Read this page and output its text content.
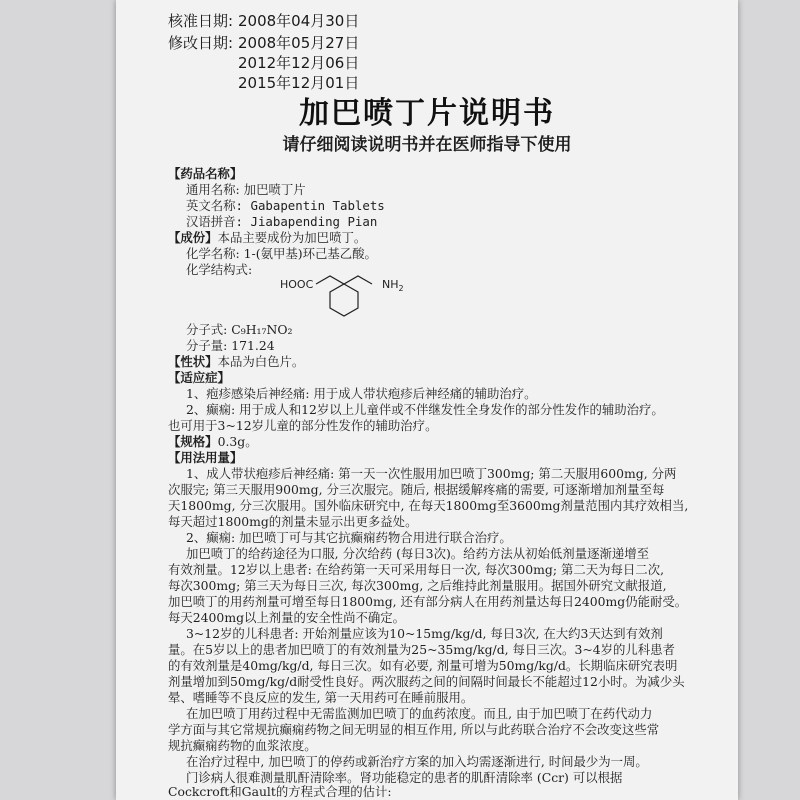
核准日期: 2008年04月30日
修改日期: 2008年05月27日
2012年12月06日
2015年12月01日
加巴喷丁片说明书
请仔细阅读说明书并在医师指导下使用
【药品名称】
通用名称: 加巴喷丁片
英文名称: Gabapentin Tablets
汉语拼音: Jiabapending Pian
【成份】本品主要成份为加巴喷丁。
化学名称: 1-(氨甲基)环己基乙酸。
化学结构式:
HOOC	$NH_2$
分子式: C₉H₁₇NO₂
分子量: 171.24
【性状】本品为白色片。
【适应症】
1、疱疹感染后神经痛: 用于成人带状疱疹后神经痛的辅助治疗。
2、癫痫: 用于成人和12岁以上儿童伴或不伴继发性全身发作的部分性发作的辅助治疗。
也可用于3~12岁儿童的部分性发作的辅助治疗。
【规格】0.3g。
【用法用量】
1、成人带状疱疹后神经痛: 第一天一次性服用加巴喷丁300mg; 第二天服用600mg, 分两
次服完; 第三天服用900mg, 分三次服完。随后, 根据缓解疼痛的需要, 可逐渐增加剂量至每
天1800mg, 分三次服用。国外临床研究中, 在每天1800mg至3600mg剂量范围内其疗效相当,
每天超过1800mg的剂量未显示出更多益处。
2、癫痫: 加巴喷丁可与其它抗癫痫药物合用进行联合治疗。
加巴喷丁的给药途径为口服, 分次给药 (每日3次)。给药方法从初始低剂量逐渐递增至
有效剂量。12岁以上患者: 在给药第一天可采用每日一次, 每次300mg; 第二天为每日二次,
每次300mg; 第三天为每日三次, 每次300mg, 之后维持此剂量服用。据国外研究文献报道,
加巴喷丁的用药剂量可增至每日1800mg, 还有部分病人在用药剂量达每日2400mg仍能耐受。
每天2400mg以上剂量的安全性尚不确定。
3~12岁的儿科患者: 开始剂量应该为10~15mg/kg/d, 每日3次, 在大约3天达到有效剂
量。在5岁以上的患者加巴喷丁的有效剂量为25~35mg/kg/d, 每日三次。3~4岁的儿科患者
的有效剂量是40mg/kg/d, 每日三次。如有必要, 剂量可增为50mg/kg/d。长期临床研究表明
剂量增加到50mg/kg/d耐受性良好。两次服药之间的间隔时间最长不能超过12小时。为减少头
晕、嗜睡等不良反应的发生, 第一天用药可在睡前服用。
在加巴喷丁用药过程中无需监测加巴喷丁的血药浓度。而且, 由于加巴喷丁在药代动力
学方面与其它常规抗癫痫药物之间无明显的相互作用, 所以与此药联合治疗不会改变这些常
规抗癫痫药物的血浆浓度。
在治疗过程中, 加巴喷丁的停药或新治疗方案的加入均需逐渐进行, 时间最少为一周。
门诊病人很难测量肌酐清除率。肾功能稳定的患者的肌酐清除率 (Ccr) 可以根据
Cockcroft和Gault的方程式合理的估计:
